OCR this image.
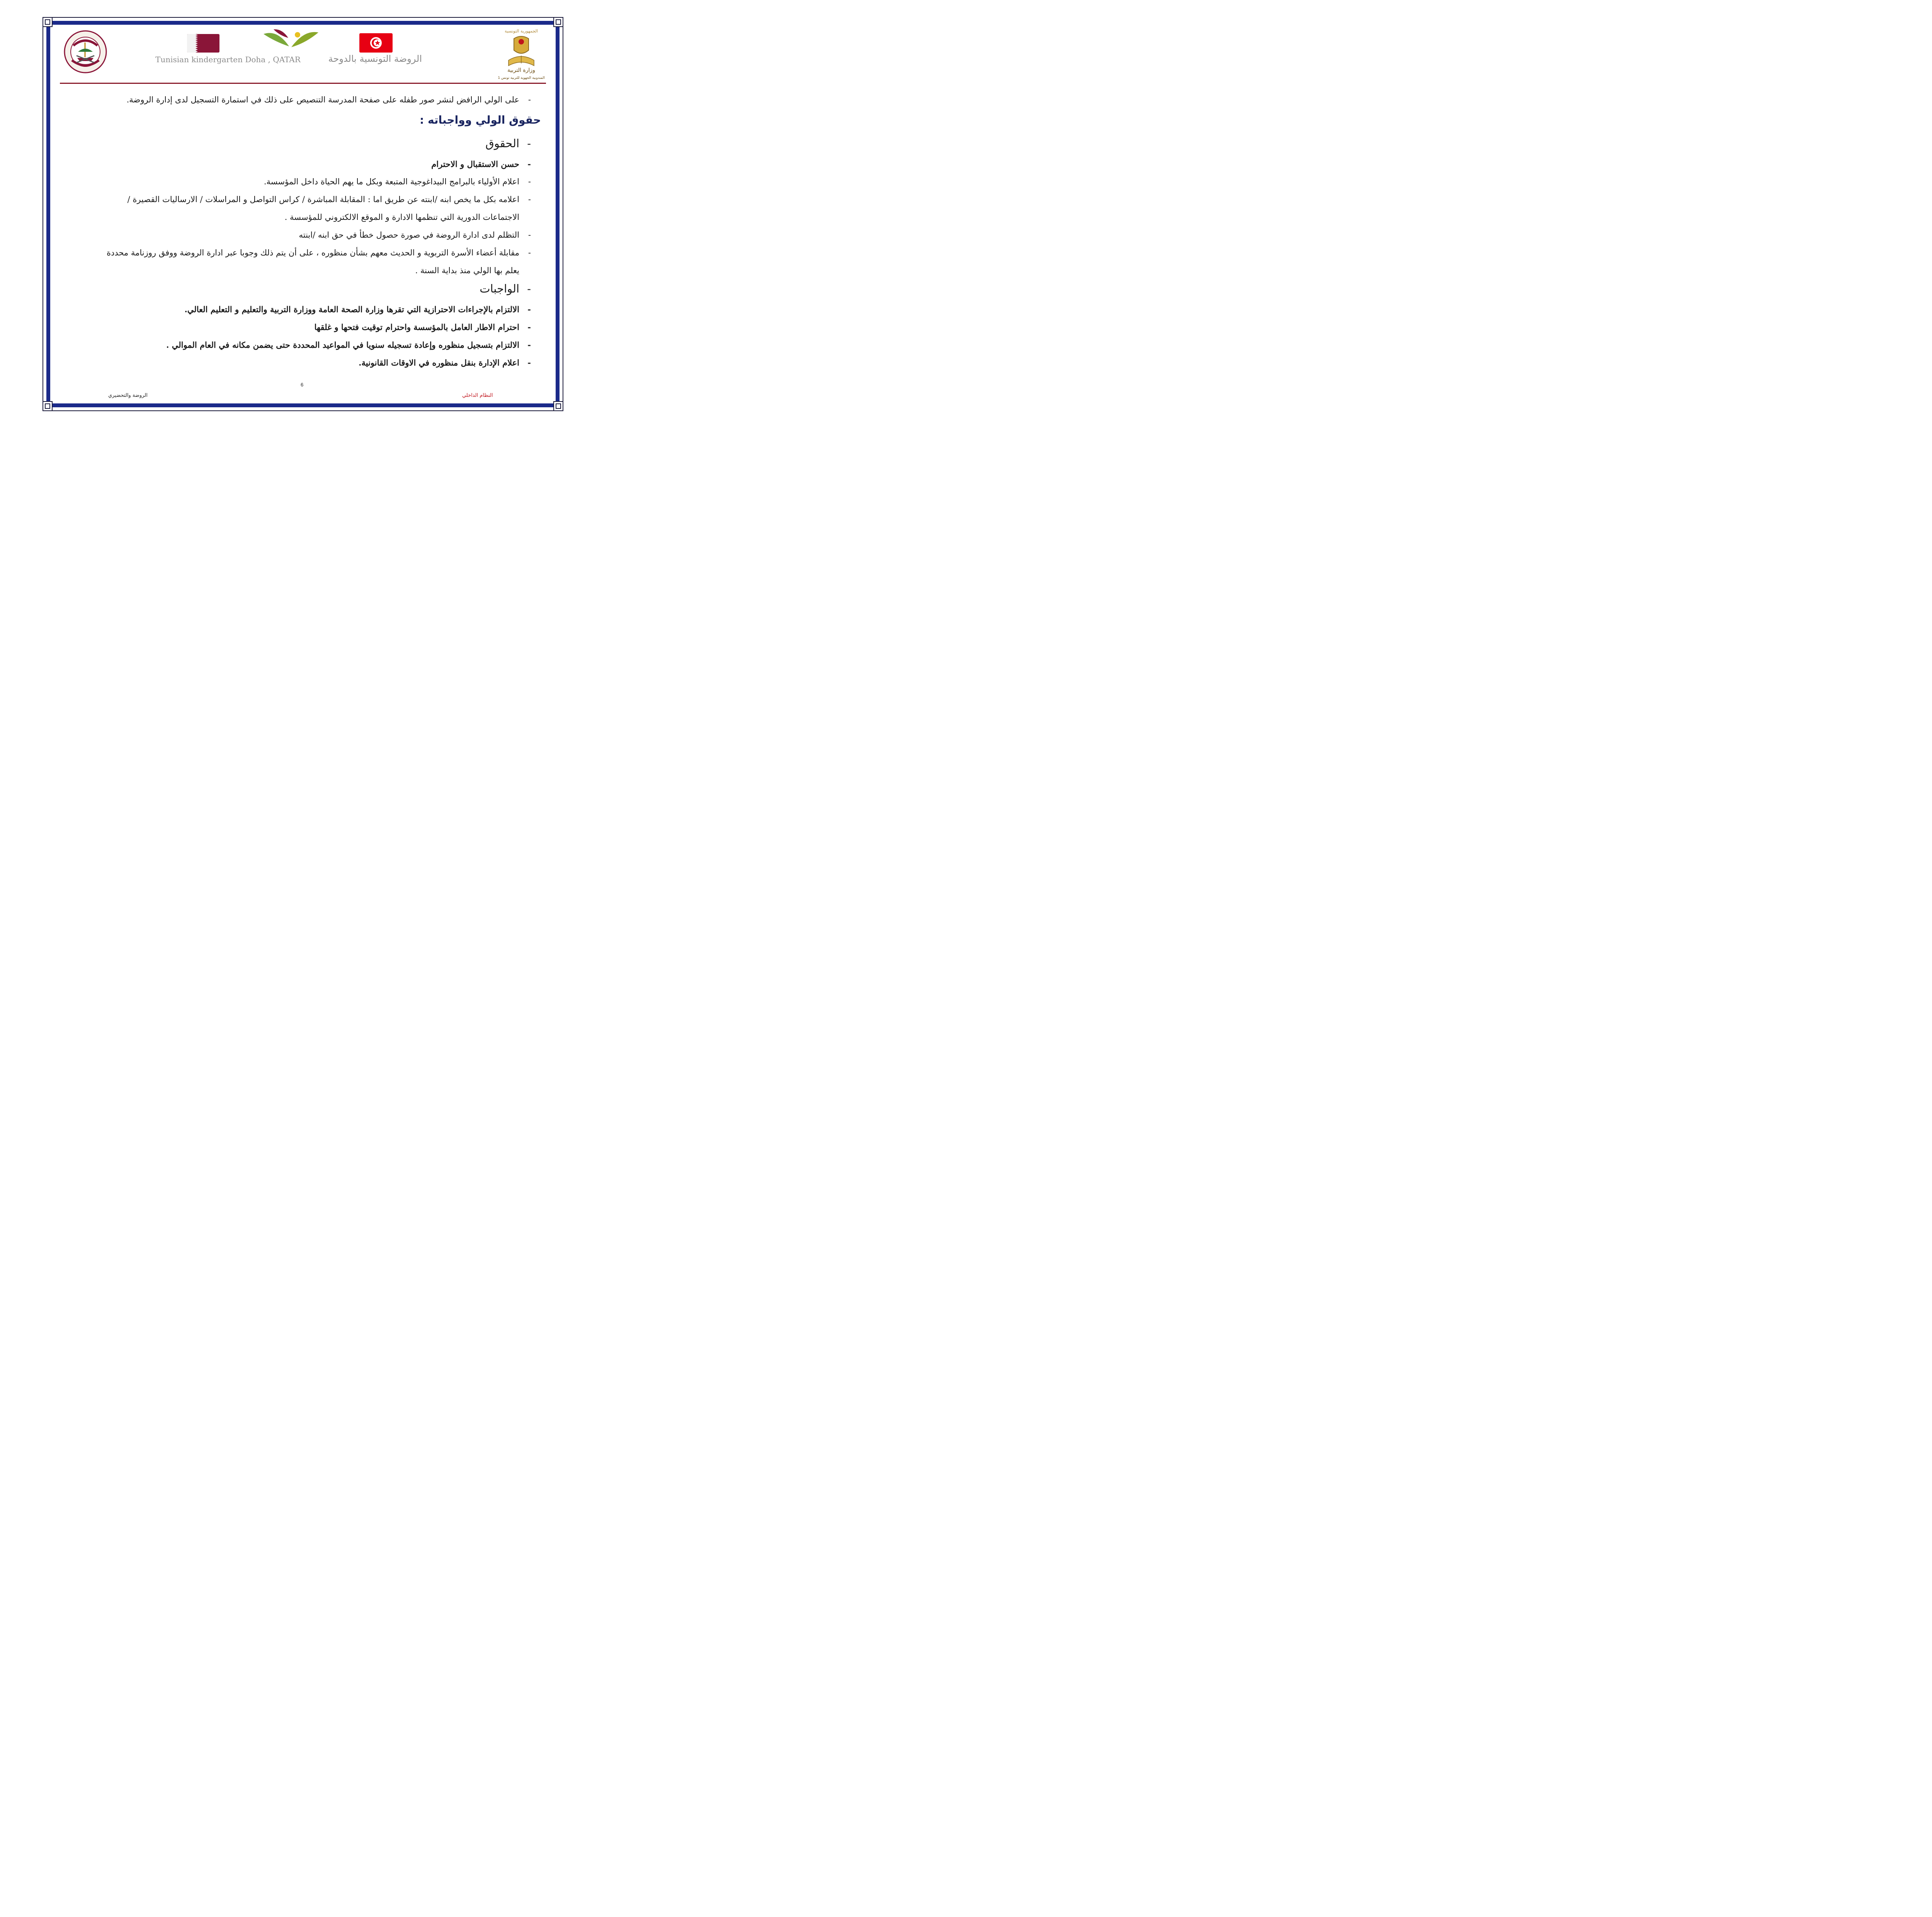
Tunisian kindergarten Doha , QATAR	الروضة التونسية بالدوحة
الجمهورية التونسية
وزارة التربية
المندوبية الجهوية للتربية تونس 1
-
على الولي الرافض لنشر صور طفله على صفحة المدرسة التنصيص على ذلك في استمارة التسجيل لدى إدارة الروضة.
حقوق الولي وواجباته :
-
الحقوق
-
حسن الاستقبال و الاحترام
-
اعلام الأولياء بالبرامج البيداغوجية المتبعة وبكل ما يهم الحياة داخل المؤسسة.
-
اعلامه بكل ما يخص ابنه /ابنته عن طريق اما : المقابلة المباشرة / كراس التواصل و المراسلات / الارساليات القصيرة /
الاجتماعات الدورية التي تنظمها الادارة و الموقع الالكتروني للمؤسسة .
-
التظلم لدى ادارة الروضة في صورة حصول خطأ في حق ابنه /ابنته
-
مقابلة أعضاء الأسرة التربوية و الحديث معهم بشأن منظوره ، على أن يتم ذلك وجوبا عبر ادارة الروضة ووفق روزنامة محددة
يعلم بها الولي منذ بداية السنة .
-
الواجبات
-
الالتزام بالإجراءات الاحترازية التي تقرها وزارة الصحة العامة ووزارة التربية والتعليم و التعليم العالي.
-
احترام الاطار العامل بالمؤسسة واحترام توقيت فتحها و غلقها
-
الالتزام بتسجيل منظوره وإعادة تسجيله سنويا في المواعيد المحددة حتى يضمن مكانه في العام الموالي .
-
اعلام الإدارة بنقل منظوره في الاوقات القانونية.
6
الروضة والتحضيري	النظام الداخلي
